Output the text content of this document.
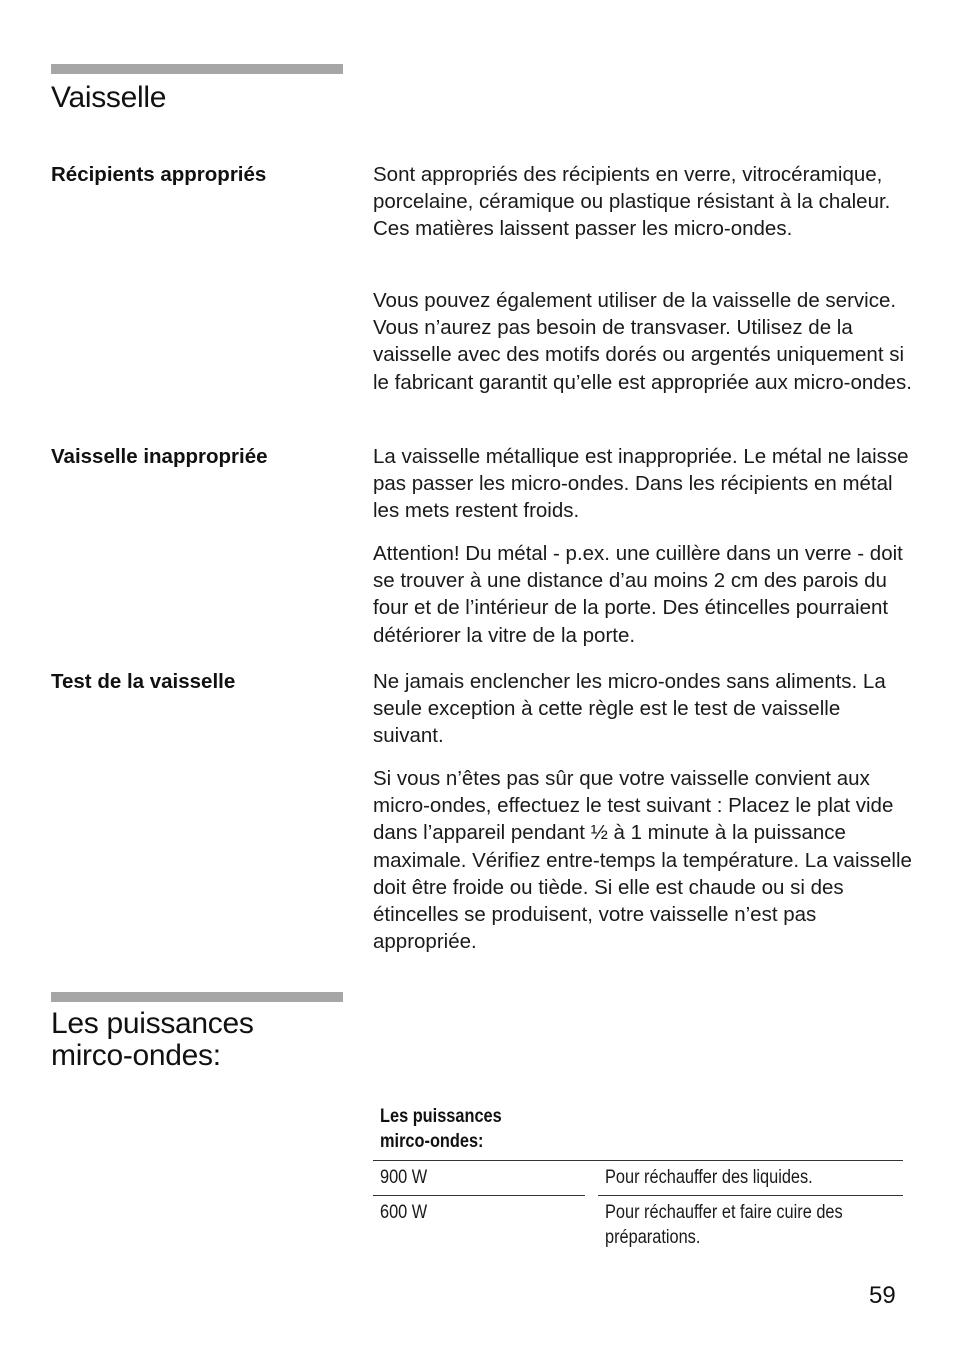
Vaisselle
Récipients appropriés	Sont appropriés des récipients en verre, vitrocéramique, porcelaine, céramique ou plastique résistant à la chaleur. Ces matières laissent passer les micro-ondes.

Vous pouvez également utiliser de la vaisselle de service. Vous n’aurez pas besoin de transvaser. Utilisez de la vaisselle avec des motifs dorés ou argentés uniquement si le fabricant garantit qu’elle est appropriée aux micro-ondes.

Vaisselle inappropriée	La vaisselle métallique est inappropriée. Le métal ne laisse pas passer les micro-ondes. Dans les récipients en métal les mets restent froids.

Attention! Du métal - p.ex. une cuillère dans un verre - doit se trouver à une distance d’au moins 2 cm des parois du four et de l’intérieur de la porte. Des étincelles pourraient détériorer la vitre de la porte.

Test de la vaisselle	Ne jamais enclencher les micro-ondes sans aliments. La seule exception à cette règle est le test de vaisselle suivant.

Si vous n’êtes pas sûr que votre vaisselle convient aux micro-ondes, effectuez le test suivant : Placez le plat vide dans l’appareil pendant ½ à 1 minute à la puissance maximale. Vérifiez entre-temps la température. La vaisselle doit être froide ou tiède. Si elle est chaude ou si des étincelles se produisent, votre vaisselle n’est pas appropriée.

Les puissances
mirco-ondes:
Les puissances
mirco-ondes:
900 W	Pour réchauffer des liquides.
600 W	Pour réchauffer et faire cuire des
préparations.
59
